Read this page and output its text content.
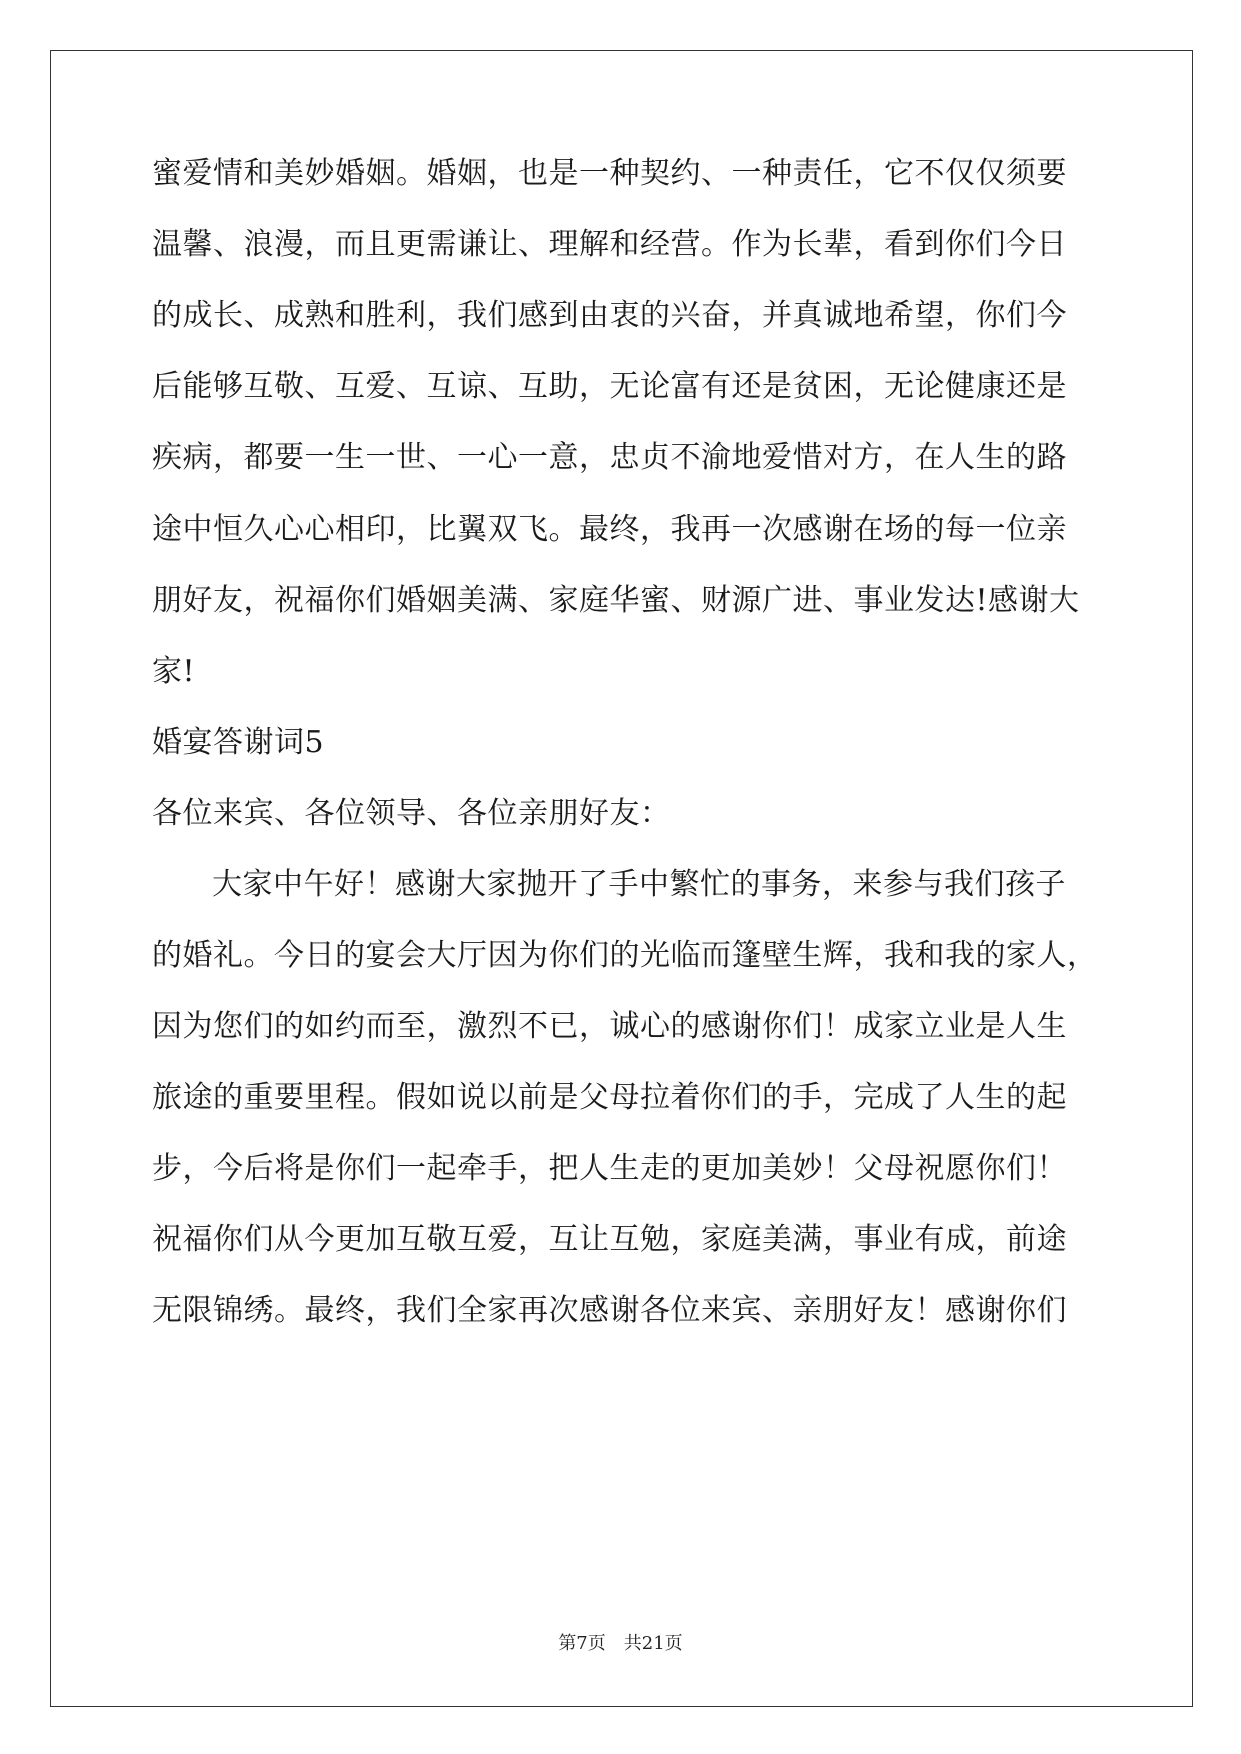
蜜爱情和美妙婚姻。婚姻，也是一种契约、一种责任，它不仅仅须要
温馨、浪漫，而且更需谦让、理解和经营。作为长辈，看到你们今日
的成长、成熟和胜利，我们感到由衷的兴奋，并真诚地希望，你们今
后能够互敬、互爱、互谅、互助，无论富有还是贫困，无论健康还是
疾病，都要一生一世、一心一意，忠贞不渝地爱惜对方，在人生的路
途中恒久心心相印，比翼双飞。最终，我再一次感谢在场的每一位亲
朋好友，祝福你们婚姻美满、家庭华蜜、财源广进、事业发达!感谢大
家!
婚宴答谢词5
各位来宾、各位领导、各位亲朋好友：
大家中午好！感谢大家抛开了手中繁忙的事务，来参与我们孩子
的婚礼。今日的宴会大厅因为你们的光临而篷壁生辉，我和我的家人，
因为您们的如约而至，激烈不已，诚心的感谢你们！成家立业是人生
旅途的重要里程。假如说以前是父母拉着你们的手，完成了人生的起
步，今后将是你们一起牵手，把人生走的更加美妙！父母祝愿你们！
祝福你们从今更加互敬互爱，互让互勉，家庭美满，事业有成，前途
无限锦绣。最终，我们全家再次感谢各位来宾、亲朋好友！感谢你们
第7页　共21页
